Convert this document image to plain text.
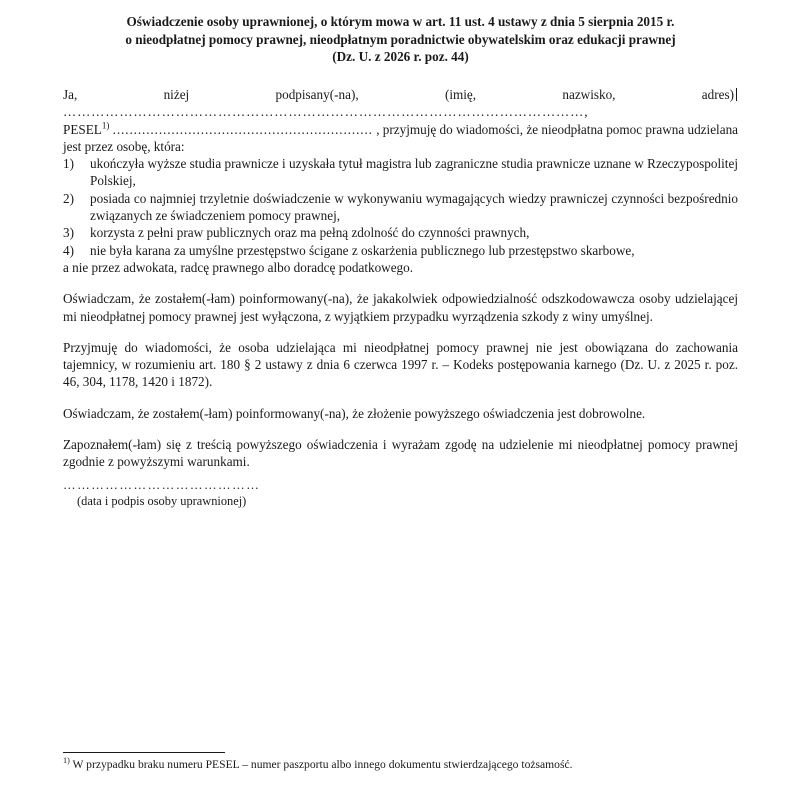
Oświadczenie osoby uprawnionej, o którym mowa w art. 11 ust. 4 ustawy z dnia 5 sierpnia 2015 r.
o nieodpłatnej pomocy prawnej, nieodpłatnym poradnictwie obywatelskim oraz edukacji prawnej
(Dz. U. z 2026 r. poz. 44)

Ja, niżej podpisany(-na), (imię, nazwisko, adres)…………………………………………………………………………………………………,
PESEL$^{1)}$ .............................................................. , przyjmuję do wiadomości, że nieodpłatna pomoc prawna udzielana jest przez osobę, która:

1)	ukończyła wyższe studia prawnicze i uzyskała tytuł magistra lub zagraniczne studia prawnicze uznane w Rzeczypospolitej Polskiej,
2)	posiada co najmniej trzyletnie doświadczenie w wykonywaniu wymagających wiedzy prawniczej czynności bezpośrednio związanych ze świadczeniem pomocy prawnej,
3)	korzysta z pełni praw publicznych oraz ma pełną zdolność do czynności prawnych,
4)	nie była karana za umyślne przestępstwo ścigane z oskarżenia publicznego lub przestępstwo skarbowe,

a nie przez adwokata, radcę prawnego albo doradcę podatkowego.

Oświadczam, że zostałem(-łam) poinformowany(-na), że jakakolwiek odpowiedzialność odszkodowawcza osoby udzielającej mi nieodpłatnej pomocy prawnej jest wyłączona, z wyjątkiem przypadku wyrządzenia szkody z winy umyślnej.

Przyjmuję do wiadomości, że osoba udzielająca mi nieodpłatnej pomocy prawnej nie jest obowiązana do zachowania tajemnicy, w rozumieniu art. 180 § 2 ustawy z dnia 6 czerwca 1997 r. – Kodeks postępowania karnego (Dz. U. z 2025 r. poz. 46, 304, 1178, 1420 i 1872).

Oświadczam, że zostałem(-łam) poinformowany(-na), że złożenie powyższego oświadczenia jest dobrowolne.

Zapoznałem(-łam) się z treścią powyższego oświadczenia i wyrażam zgodę na udzielenie mi nieodpłatnej pomocy prawnej zgodnie z powyższymi warunkami.

……………………………………
(data i podpis osoby uprawnionej)

$^{1)}$ W przypadku braku numeru PESEL – numer paszportu albo innego dokumentu stwierdzającego tożsamość.
